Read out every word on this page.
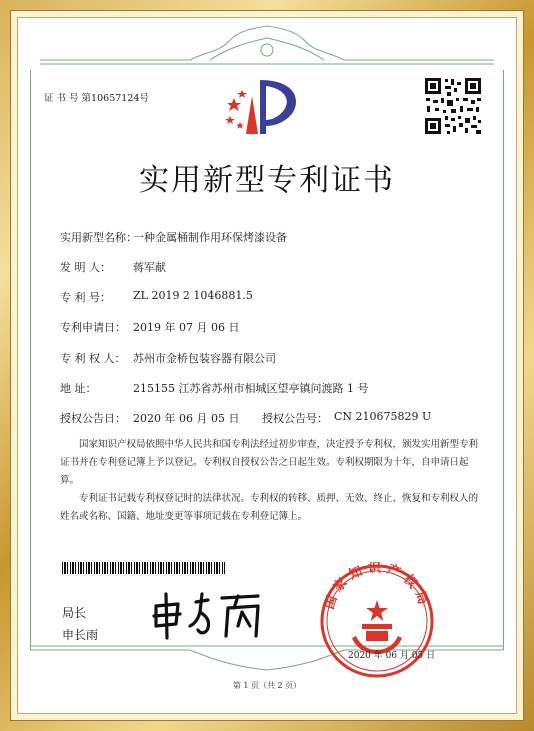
证 书 号 第10657124号
实用新型专利证书
实用新型名称：
一种金属桶制作用环保烤漆设备
发 明 人： 蒋军献
专 利 号： ZL 2019 2 1046881.5
专利申请日： 2019 年 07 月 06 日
专 利 权 人： 苏州市金桥包装容器有限公司
地 址：	215155 江苏省苏州市相城区望亭镇问渡路 1 号
授权公告日： 2020 年 06 月 05 日 授权公告号： CN 210675829 U

国家知识产权局依照中华人民共和国专利法经过初步审查，决定授予专利权，颁发实用新型专利证书并在专利登记簿上予以登记。专利权自授权公告之日起生效。专利权期限为十年，自申请日起算。

专利证书记载专利权登记时的法律状况。专利权的转移、质押、无效、终止、恢复和专利权人的姓名或名称、国籍、地址变更等事项记载在专利登记簿上。

局长
申长雨
国家知识产权局
2020 年 06 月 05 日
第 1 页（共 2 页）
